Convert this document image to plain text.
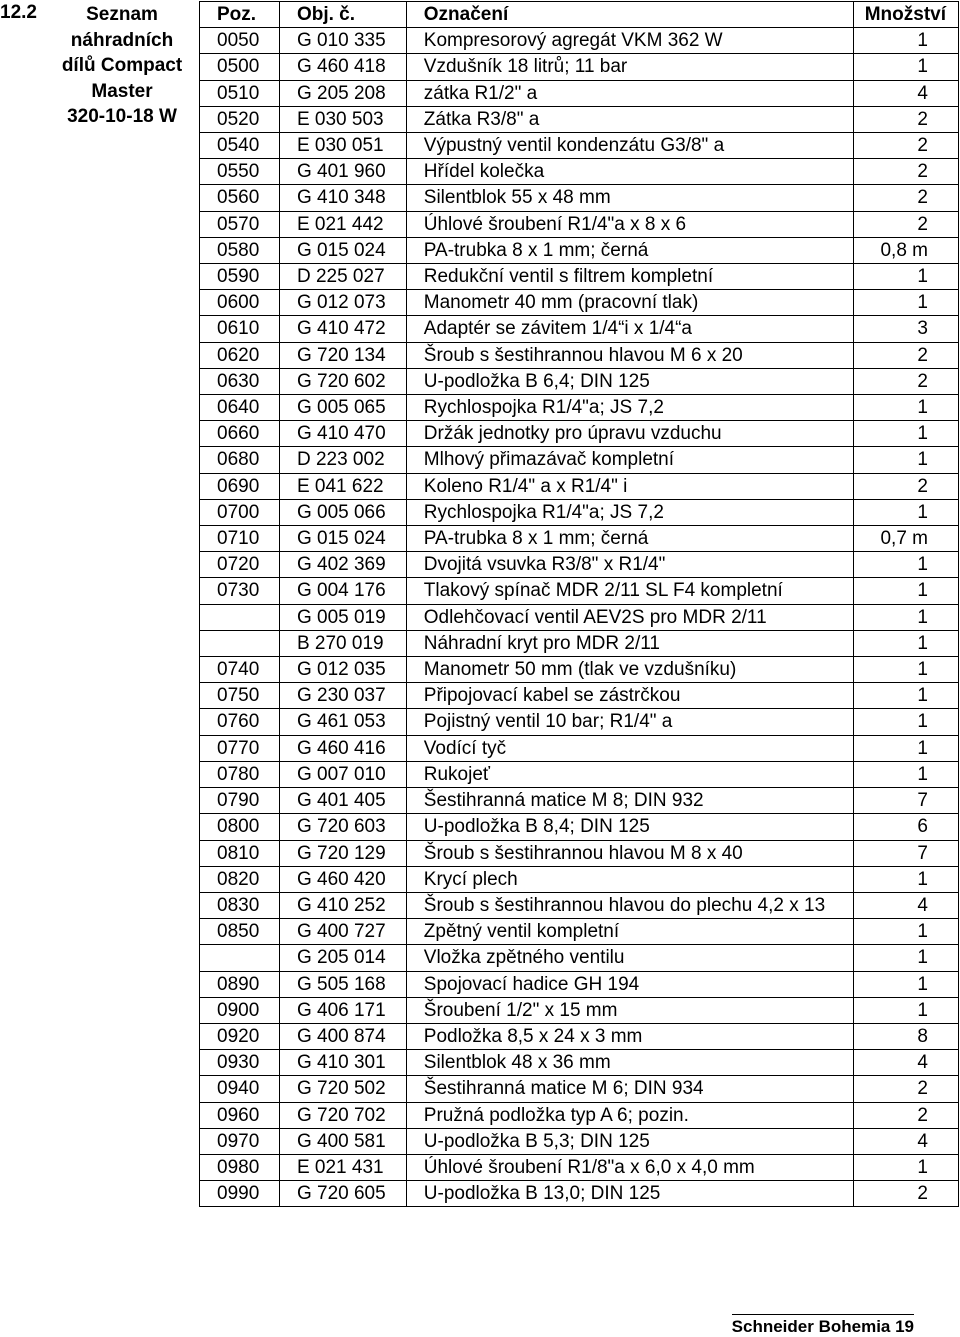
12.2	Seznam
náhradních
dílů Compact
Master
320-10-18 W
Poz.	Obj. č.	Označení	Množství
0050	G 010 335	Kompresorový agregát VKM 362 W	1
0500	G 460 418	Vzdušník 18 litrů; 11 bar	1
0510	G 205 208	zátka R1/2" a	4
0520	E 030 503	Zátka R3/8" a	2
0540	E 030 051	Výpustný ventil kondenzátu G3/8" a	2
0550	G 401 960	Hřídel kolečka	2
0560	G 410 348	Silentblok 55 x 48 mm	2
0570	E 021 442	Úhlové šroubení R1/4"a x 8 x 6	2
0580	G 015 024	PA-trubka 8 x 1 mm; černá	0,8 m
0590	D 225 027	Redukční ventil s filtrem kompletní	1
0600	G 012 073	Manometr 40 mm (pracovní tlak)	1
0610	G 410 472	Adaptér se závitem 1/4“i x 1/4“a	3
0620	G 720 134	Šroub s šestihrannou hlavou M 6 x 20	2
0630	G 720 602	U-podložka B 6,4; DIN 125	2
0640	G 005 065	Rychlospojka R1/4"a; JS 7,2	1
0660	G 410 470	Držák jednotky pro úpravu vzduchu	1
0680	D 223 002	Mlhový přimazávač kompletní	1
0690	E 041 622	Koleno R1/4" a x R1/4" i	2
0700	G 005 066	Rychlospojka R1/4"a; JS 7,2	1
0710	G 015 024	PA-trubka 8 x 1 mm; černá	0,7 m
0720	G 402 369	Dvojitá vsuvka R3/8" x R1/4"	1
0730	G 004 176	Tlakový spínač MDR 2/11 SL F4 kompletní	1
	G 005 019	Odlehčovací ventil AEV2S pro MDR 2/11	1
	B 270 019	Náhradní kryt pro MDR 2/11	1
0740	G 012 035	Manometr 50 mm (tlak ve vzdušníku)	1
0750	G 230 037	Připojovací kabel se zástrčkou	1
0760	G 461 053	Pojistný ventil 10 bar; R1/4" a	1
0770	G 460 416	Vodící tyč	1
0780	G 007 010	Rukojeť	1
0790	G 401 405	Šestihranná matice M 8; DIN 932	7
0800	G 720 603	U-podložka B 8,4; DIN 125	6
0810	G 720 129	Šroub s šestihrannou hlavou M 8 x 40	7
0820	G 460 420	Krycí plech	1
0830	G 410 252	Šroub s šestihrannou hlavou do plechu 4,2 x 13	4
0850	G 400 727	Zpětný ventil kompletní	1
	G 205 014	Vložka zpětného ventilu	1
0890	G 505 168	Spojovací hadice GH 194	1
0900	G 406 171	Šroubení 1/2" x 15 mm	1
0920	G 400 874	Podložka 8,5 x 24 x 3 mm	8
0930	G 410 301	Silentblok 48 x 36 mm	4
0940	G 720 502	Šestihranná matice M 6; DIN 934	2
0960	G 720 702	Pružná podložka typ A 6; pozin.	2
0970	G 400 581	U-podložka B 5,3; DIN 125	4
0980	E 021 431	Úhlové šroubení R1/8"a x 6,0 x 4,0 mm	1
0990	G 720 605	U-podložka B 13,0; DIN 125	2
Schneider Bohemia 19
